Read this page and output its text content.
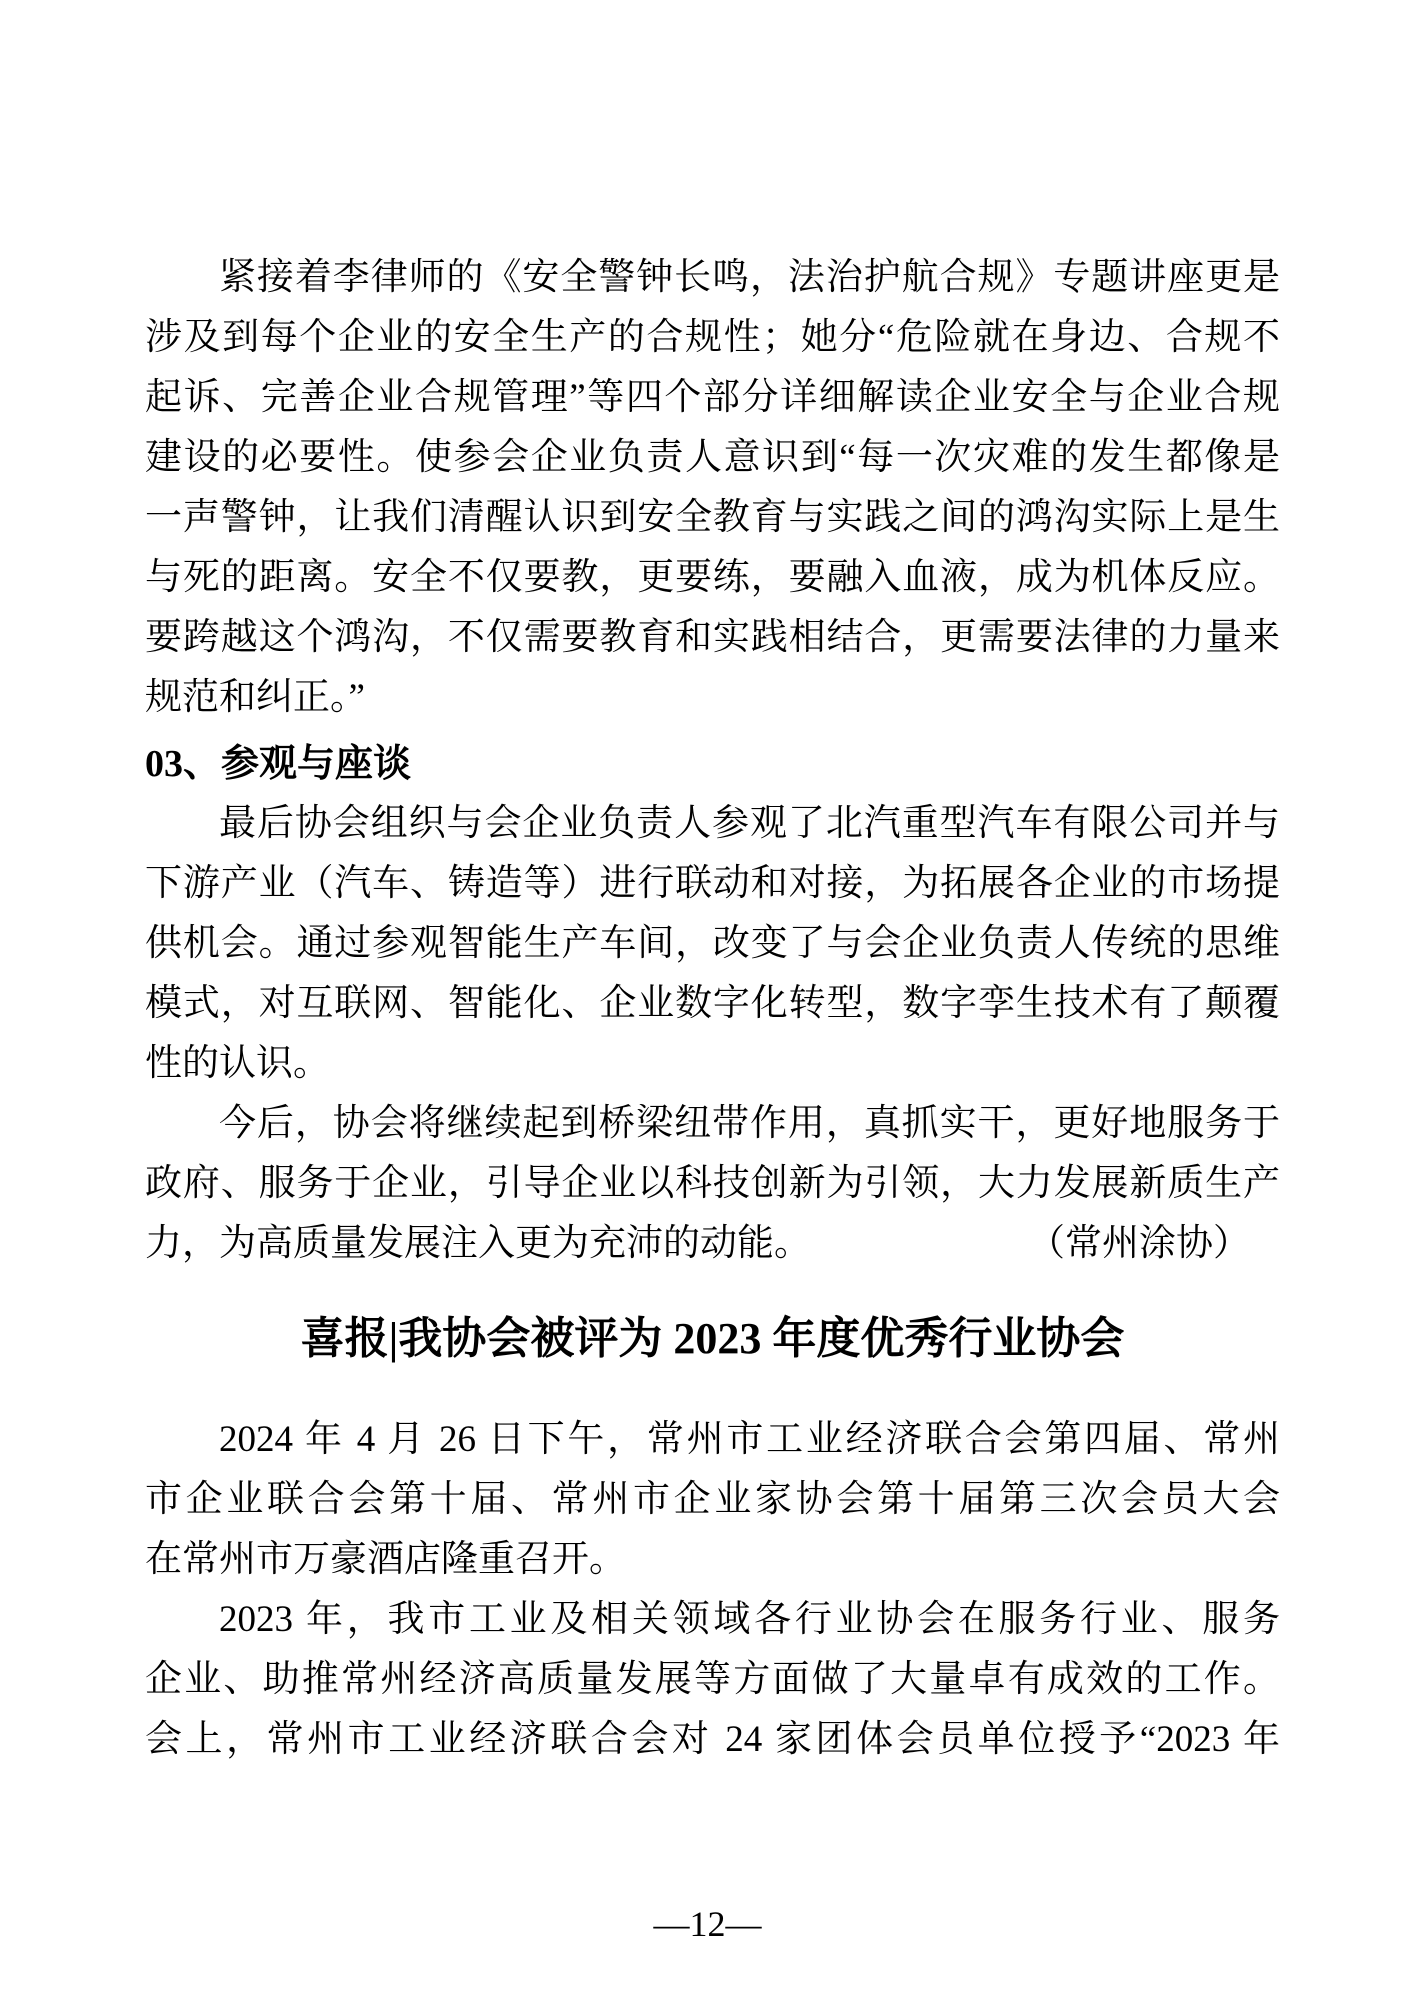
紧接着李律师的《安全警钟长鸣，法治护航合规》专题讲座更是
涉及到每个企业的安全生产的合规性；她分“危险就在身边、合规不
起诉、完善企业合规管理”等四个部分详细解读企业安全与企业合规
建设的必要性。使参会企业负责人意识到“每一次灾难的发生都像是
一声警钟，让我们清醒认识到安全教育与实践之间的鸿沟实际上是生
与死的距离。安全不仅要教，更要练，要融入血液，成为机体反应。
要跨越这个鸿沟，不仅需要教育和实践相结合，更需要法律的力量来
规范和纠正。”
03、参观与座谈
最后协会组织与会企业负责人参观了北汽重型汽车有限公司并与
下游产业（汽车、铸造等）进行联动和对接，为拓展各企业的市场提
供机会。通过参观智能生产车间，改变了与会企业负责人传统的思维
模式，对互联网、智能化、企业数字化转型，数字孪生技术有了颠覆
性的认识。
今后，协会将继续起到桥梁纽带作用，真抓实干，更好地服务于
政府、服务于企业，引导企业以科技创新为引领，大力发展新质生产
力，为高质量发展注入更为充沛的动能。	（常州涂协）
喜报|我协会被评为 2023 年度优秀行业协会
2024 年 4 月 26 日下午，常州市工业经济联合会第四届、常州
市企业联合会第十届、常州市企业家协会第十届第三次会员大会
在常州市万豪酒店隆重召开。
2023 年，我市工业及相关领域各行业协会在服务行业、服务
企业、助推常州经济高质量发展等方面做了大量卓有成效的工作。
会上，常州市工业经济联合会对 24 家团体会员单位授予“2023 年
—12—
